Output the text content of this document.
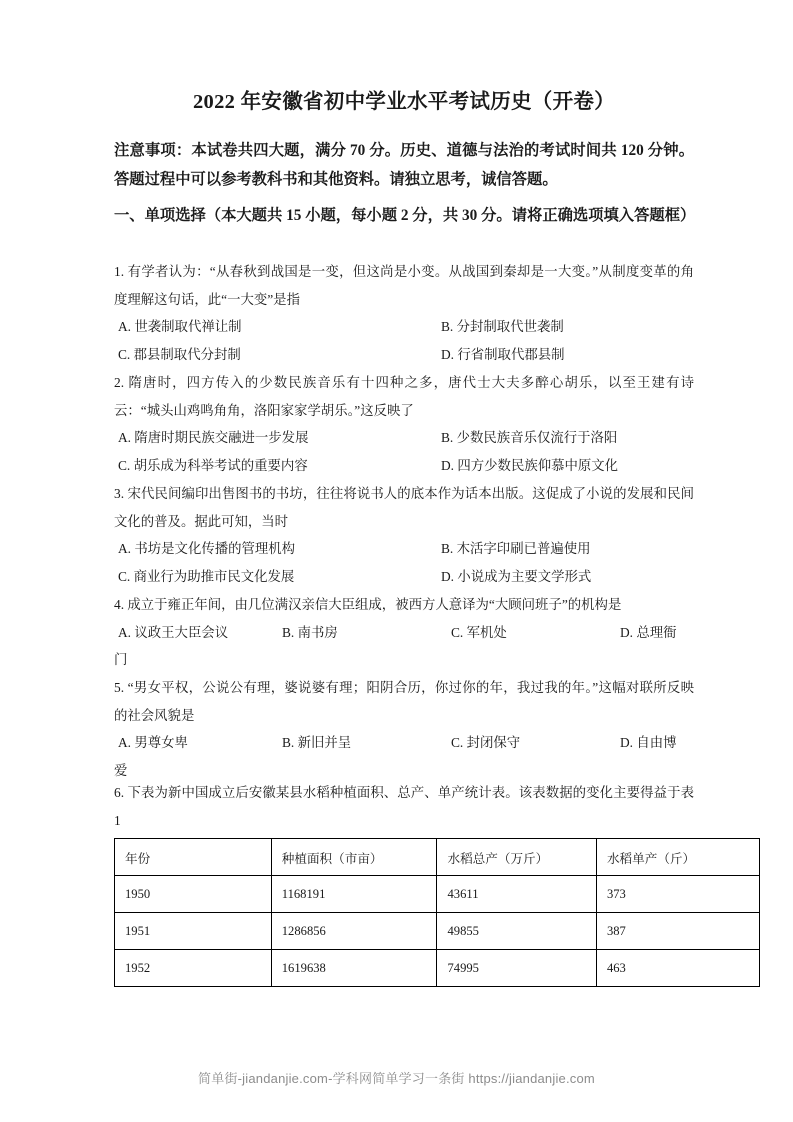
2022 年安徽省初中学业水平考试历史（开卷）
注意事项：本试卷共四大题，满分 70 分。历史、道德与法治的考试时间共 120 分钟。答题过程中可以参考教科书和其他资料。请独立思考，诚信答题。
一、单项选择（本大题共 15 小题，每小题 2 分，共 30 分。请将正确选项填入答题框）
1. 有学者认为：“从春秋到战国是一变，但这尚是小变。从战国到秦却是一大变。”从制度变革的角度理解这句话，此“一大变”是指
A. 世袭制取代禅让制	B. 分封制取代世袭制
C. 郡县制取代分封制	D. 行省制取代郡县制
2. 隋唐时，四方传入的少数民族音乐有十四种之多，唐代士大夫多醉心胡乐，以至王建有诗云：“城头山鸡鸣角角，洛阳家家学胡乐。”这反映了
A. 隋唐时期民族交融进一步发展	B. 少数民族音乐仅流行于洛阳
C. 胡乐成为科举考试的重要内容	D. 四方少数民族仰慕中原文化
3. 宋代民间编印出售图书的书坊，往往将说书人的底本作为话本出版。这促成了小说的发展和民间文化的普及。据此可知，当时
A. 书坊是文化传播的管理机构	B. 木活字印刷已普遍使用
C. 商业行为助推市民文化发展	D. 小说成为主要文学形式
4. 成立于雍正年间，由几位满汉亲信大臣组成，被西方人意译为“大顾问班子”的机构是
A. 议政王大臣会议	B. 南书房	C. 军机处	D. 总理衙
门
5. “男女平权，公说公有理，婆说婆有理；阳阴合历，你过你的年，我过我的年。”这幅对联所反映的社会风貌是
A. 男尊女卑	B. 新旧并呈	C. 封闭保守	D. 自由博
爱
6. 下表为新中国成立后安徽某县水稻种植面积、总产、单产统计表。该表数据的变化主要得益于表 1
年份	种植面积（市亩）	水稻总产（万斤）	水稻单产（斤）
1950	1168191	43611	373
1951	1286856	49855	387
1952	1619638	74995	463
简单街-jiandanjie.com-学科网简单学习一条街 https://jiandanjie.com
